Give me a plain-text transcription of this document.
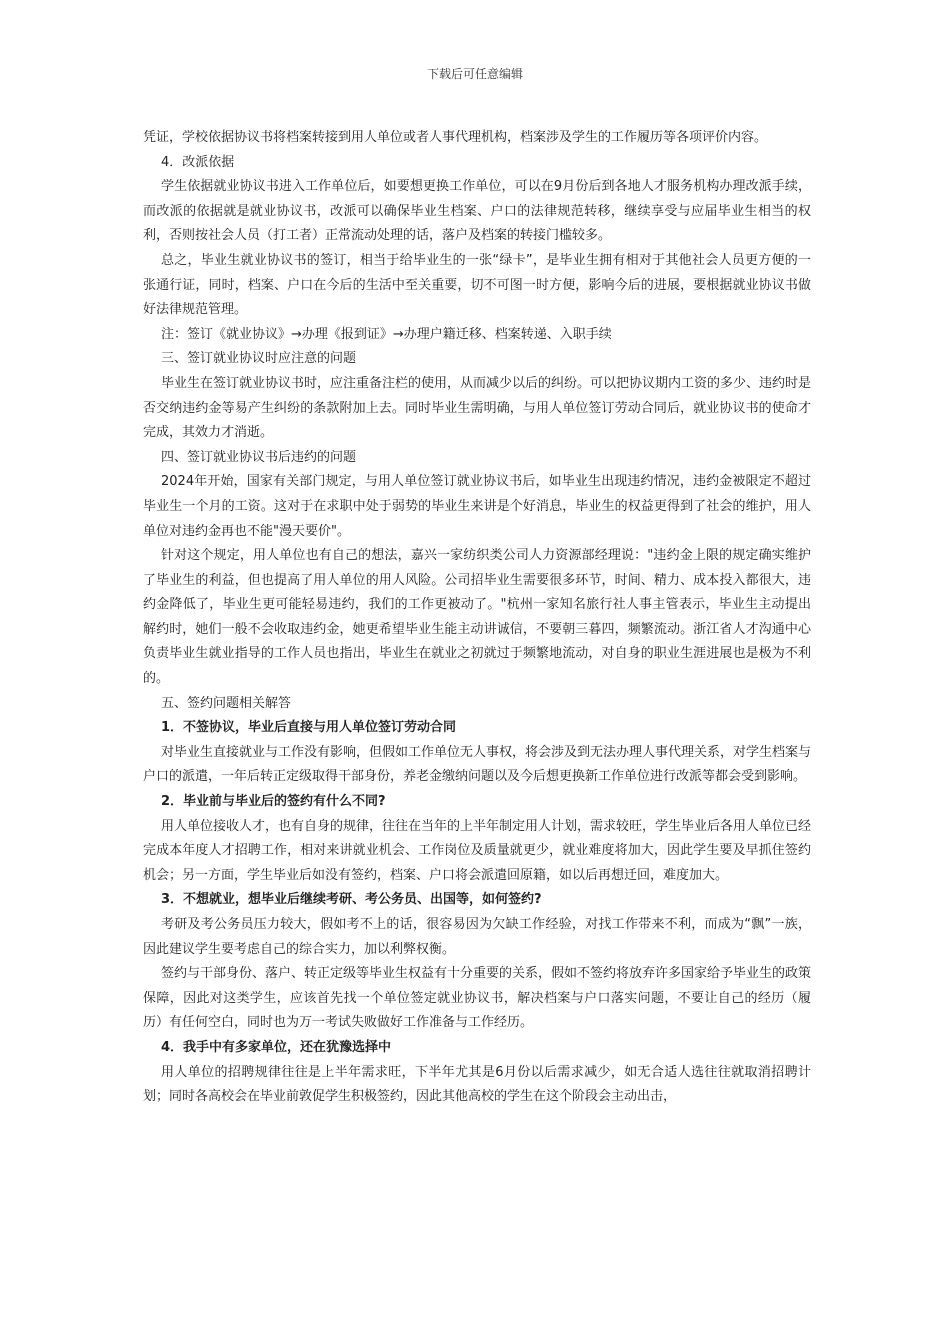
下载后可任意编辑

凭证，学校依据协议书将档案转接到用人单位或者人事代理机构，档案涉及学生的工作履历等各项评价内容。

4．改派依据

学生依据就业协议书进入工作单位后，如要想更换工作单位，可以在9月份后到各地人才服务机构办理改派手续，而改派的依据就是就业协议书，改派可以确保毕业生档案、户口的法律规范转移，继续享受与应届毕业生相当的权利，否则按社会人员（打工者）正常流动处理的话，落户及档案的转接门槛较多。

总之，毕业生就业协议书的签订，相当于给毕业生的一张“绿卡”，是毕业生拥有相对于其他社会人员更方便的一张通行证，同时，档案、户口在今后的生活中至关重要，切不可图一时方便，影响今后的进展，要根据就业协议书做好法律规范管理。

注：签订《就业协议》→办理《报到证》→办理户籍迁移、档案转递、入职手续

三、签订就业协议时应注意的问题

毕业生在签订就业协议书时，应注重备注栏的使用，从而减少以后的纠纷。可以把协议期内工资的多少、违约时是否交纳违约金等易产生纠纷的条款附加上去。同时毕业生需明确，与用人单位签订劳动合同后，就业协议书的使命才完成，其效力才消逝。

四、签订就业协议书后违约的问题

2024年开始，国家有关部门规定，与用人单位签订就业协议书后，如毕业生出现违约情况，违约金被限定不超过毕业生一个月的工资。这对于在求职中处于弱势的毕业生来讲是个好消息，毕业生的权益更得到了社会的维护，用人单位对违约金再也不能"漫天要价"。

针对这个规定，用人单位也有自己的想法，嘉兴一家纺织类公司人力资源部经理说："违约金上限的规定确实维护了毕业生的利益，但也提高了用人单位的用人风险。公司招毕业生需要很多环节，时间、精力、成本投入都很大，违约金降低了，毕业生更可能轻易违约，我们的工作更被动了。"杭州一家知名旅行社人事主管表示，毕业生主动提出解约时，她们一般不会收取违约金，她更希望毕业生能主动讲诚信，不要朝三暮四，频繁流动。浙江省人才沟通中心负责毕业生就业指导的工作人员也指出，毕业生在就业之初就过于频繁地流动，对自身的职业生涯进展也是极为不利的。

五、签约问题相关解答

1．不签协议，毕业后直接与用人单位签订劳动合同

对毕业生直接就业与工作没有影响，但假如工作单位无人事权，将会涉及到无法办理人事代理关系，对学生档案与户口的派遣，一年后转正定级取得干部身份，养老金缴纳问题以及今后想更换新工作单位进行改派等都会受到影响。

2．毕业前与毕业后的签约有什么不同?

用人单位接收人才，也有自身的规律，往往在当年的上半年制定用人计划，需求较旺，学生毕业后各用人单位已经完成本年度人才招聘工作，相对来讲就业机会、工作岗位及质量就更少，就业难度将加大，因此学生要及早抓住签约机会；另一方面，学生毕业后如没有签约，档案、户口将会派遣回原籍，如以后再想迁回，难度加大。

3．不想就业，想毕业后继续考研、考公务员、出国等，如何签约?

考研及考公务员压力较大，假如考不上的话，很容易因为欠缺工作经验，对找工作带来不利，而成为“飘”一族，因此建议学生要考虑自己的综合实力，加以利弊权衡。

签约与干部身份、落户、转正定级等毕业生权益有十分重要的关系，假如不签约将放弃许多国家给予毕业生的政策保障，因此对这类学生，应该首先找一个单位签定就业协议书，解决档案与户口落实问题，不要让自己的经历（履历）有任何空白，同时也为万一考试失败做好工作准备与工作经历。

4．我手中有多家单位，还在犹豫选择中

用人单位的招聘规律往往是上半年需求旺，下半年尤其是6月份以后需求减少，如无合适人选往往就取消招聘计划；同时各高校会在毕业前敦促学生积极签约，因此其他高校的学生在这个阶段会主动出击，
